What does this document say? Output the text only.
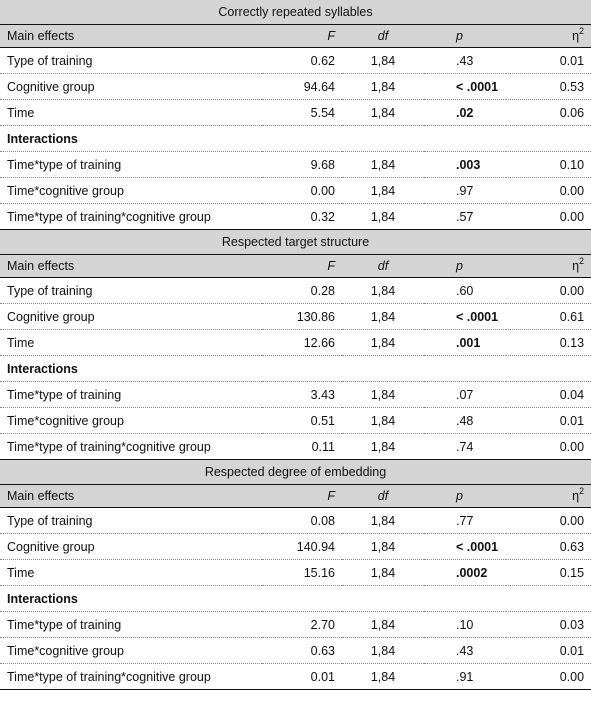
Correctly repeated syllables				
Main effects	F	df	p	$\eta^2$
Type of training	0.62	1,84	.43	0.01
Cognitive group	94.64	1,84	< .0001	0.53
Time	5.54	1,84	.02	0.06
Interactions				
Time*type of training	9.68	1,84	.003	0.10
Time*cognitive group	0.00	1,84	.97	0.00
Time*type of training*cognitive group	0.32	1,84	.57	0.00
Respected target structure				
Main effects	F	df	p	$\eta^2$
Type of training	0.28	1,84	.60	0.00
Cognitive group	130.86	1,84	< .0001	0.61
Time	12.66	1,84	.001	0.13
Interactions				
Time*type of training	3.43	1,84	.07	0.04
Time*cognitive group	0.51	1,84	.48	0.01
Time*type of training*cognitive group	0.11	1,84	.74	0.00
Respected degree of embedding				
Main effects	F	df	p	$\eta^2$
Type of training	0.08	1,84	.77	0.00
Cognitive group	140.94	1,84	< .0001	0.63
Time	15.16	1,84	.0002	0.15
Interactions				
Time*type of training	2.70	1,84	.10	0.03
Time*cognitive group	0.63	1,84	.43	0.01
Time*type of training*cognitive group	0.01	1,84	.91	0.00
